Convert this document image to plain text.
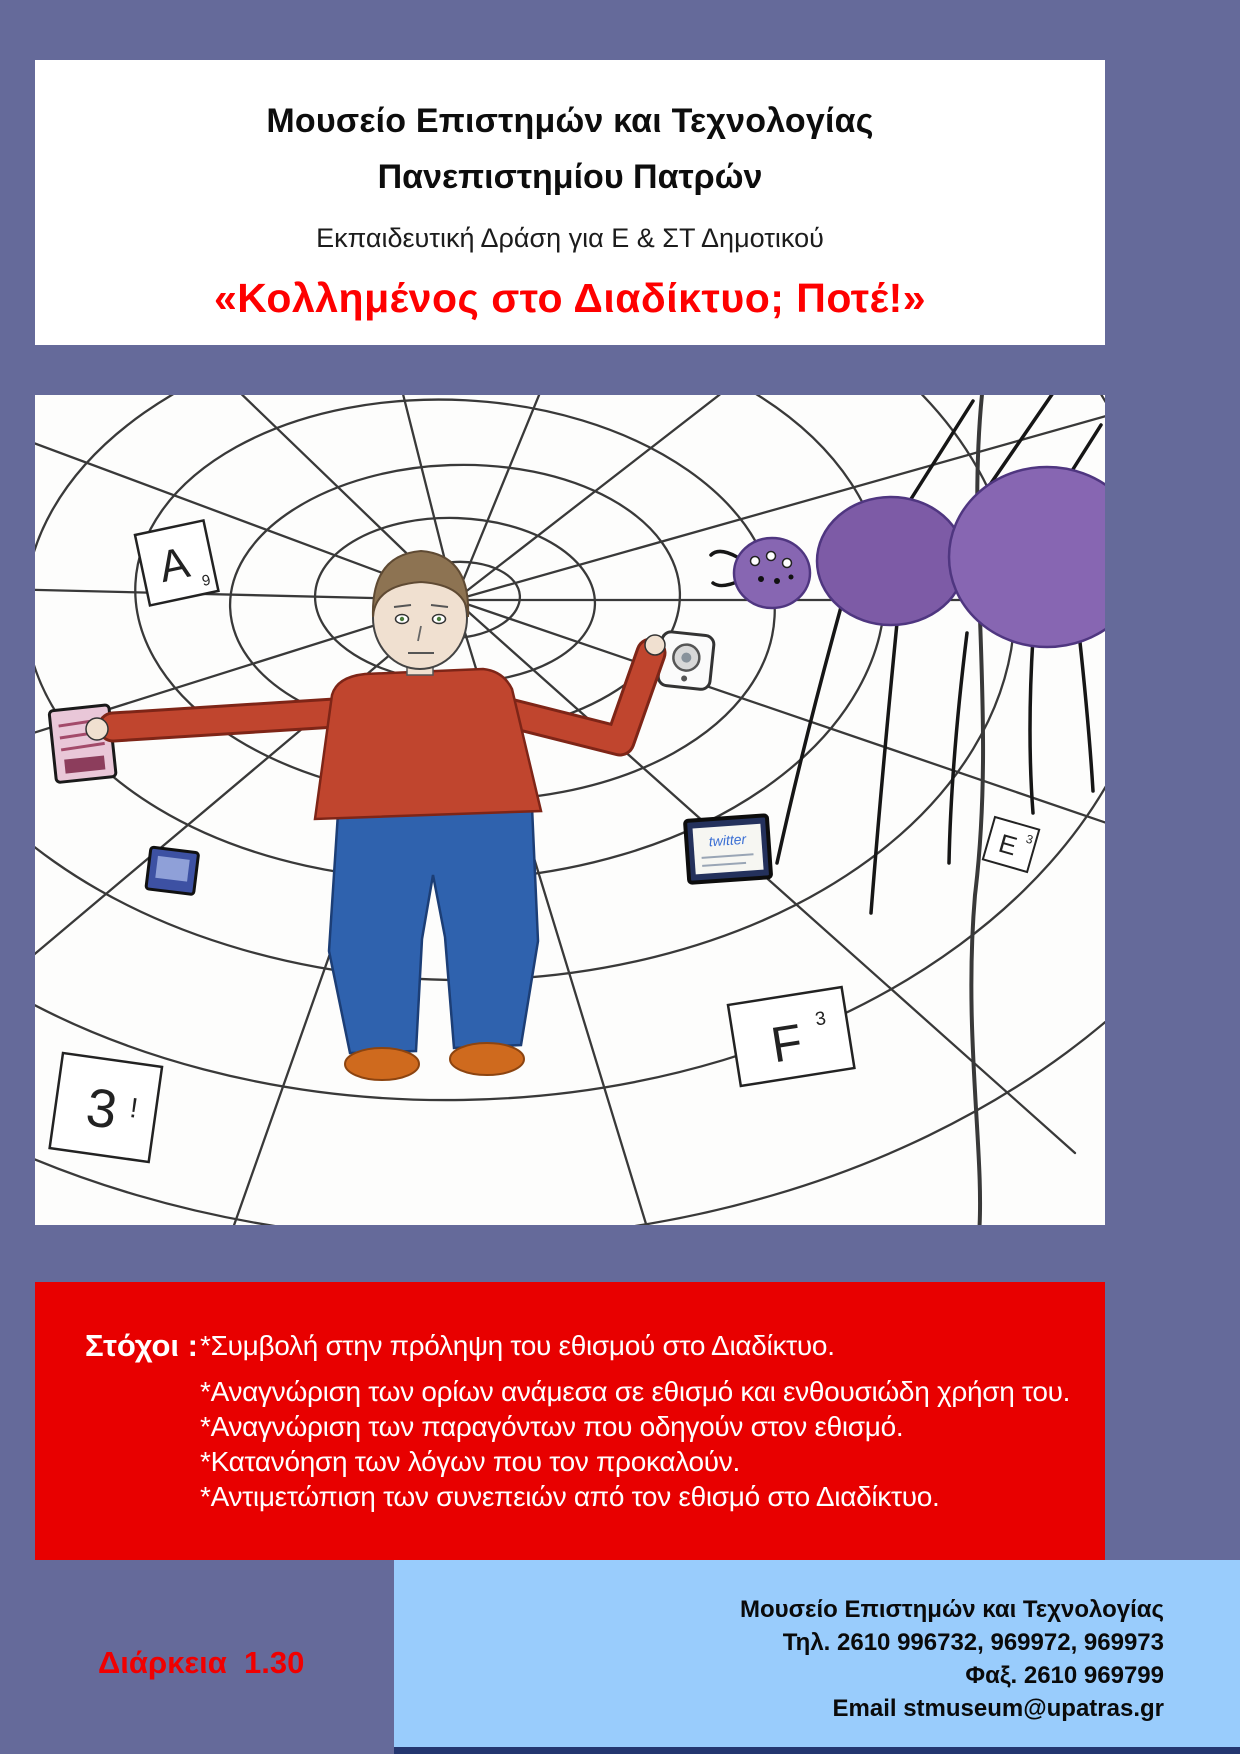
Μουσείο Επιστημών και Τεχνολογίας
Πανεπιστημίου Πατρών

Εκπαιδευτική Δράση για Ε & ΣΤ Δημοτικού

«Κολλημένος στο Διαδίκτυο; Ποτέ!»
A 9
3 !
F 3
E 3
twitter
Στόχοι : *Συμβολή στην πρόληψη του εθισμού στο Διαδίκτυο.
*Αναγνώριση των ορίων ανάμεσα σε εθισμό και ενθουσιώδη χρήση του.
*Αναγνώριση των παραγόντων που οδηγούν στον εθισμό.
*Κατανόηση των λόγων που τον προκαλούν.
*Αντιμετώπιση των συνεπειών από τον εθισμό στο Διαδίκτυο.
Διάρκεια  1.30
Μουσείο Επιστημών και Τεχνολογίας
Τηλ. 2610 996732, 969972, 969973
Φαξ. 2610 969799
Email stmuseum@upatras.gr
